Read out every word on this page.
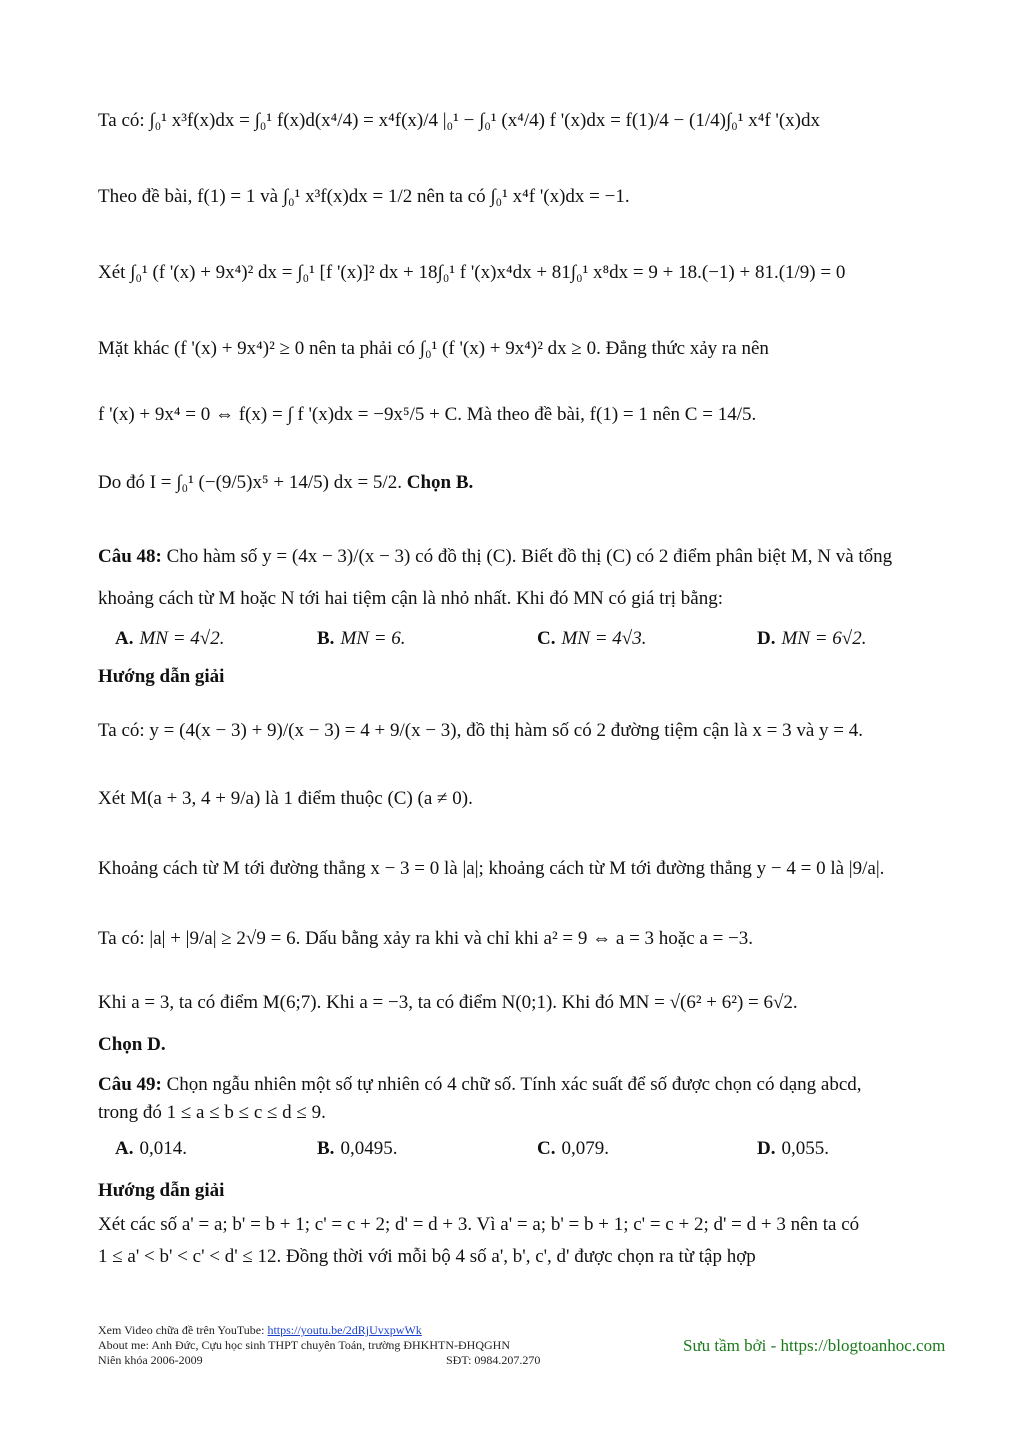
Ta có: ∫₀¹ x³f(x)dx = ∫₀¹ f(x)d(x⁴/4) = x⁴f(x)/4 |₀¹ − ∫₀¹ (x⁴/4) f '(x)dx = f(1)/4 − (1/4)∫₀¹ x⁴f '(x)dx
Theo đề bài, f(1) = 1 và ∫₀¹ x³f(x)dx = 1/2 nên ta có ∫₀¹ x⁴f '(x)dx = −1.
Xét ∫₀¹ (f '(x) + 9x⁴)² dx = ∫₀¹ [f '(x)]² dx + 18∫₀¹ f '(x)x⁴dx + 81∫₀¹ x⁸dx = 9 + 18.(−1) + 81.(1/9) = 0
Mặt khác (f '(x) + 9x⁴)² ≥ 0 nên ta phải có ∫₀¹ (f '(x) + 9x⁴)² dx ≥ 0. Đẳng thức xảy ra nên
f '(x) + 9x⁴ = 0 ⇔ f(x) = ∫ f '(x)dx = −9x⁵/5 + C. Mà theo đề bài, f(1) = 1 nên C = 14/5.
Do đó I = ∫₀¹ (−(9/5)x⁵ + 14/5) dx = 5/2. Chọn B.
Câu 48: Cho hàm số y = (4x − 3)/(x − 3) có đồ thị (C). Biết đồ thị (C) có 2 điểm phân biệt M, N và tổng
khoảng cách từ M hoặc N tới hai tiệm cận là nhỏ nhất. Khi đó MN có giá trị bằng:
A. MN = 4√2.	B. MN = 6.	C. MN = 4√3.	D. MN = 6√2.
Hướng dẫn giải
Ta có: y = (4(x − 3) + 9)/(x − 3) = 4 + 9/(x − 3), đồ thị hàm số có 2 đường tiệm cận là x = 3 và y = 4.
Xét M(a + 3, 4 + 9/a) là 1 điểm thuộc (C) (a ≠ 0).
Khoảng cách từ M tới đường thẳng x − 3 = 0 là |a|; khoảng cách từ M tới đường thẳng y − 4 = 0 là |9/a|.
Ta có: |a| + |9/a| ≥ 2√9 = 6. Dấu bằng xảy ra khi và chỉ khi a² = 9 ⇔ a = 3 hoặc a = −3.
Khi a = 3, ta có điểm M(6;7). Khi a = −3, ta có điểm N(0;1). Khi đó MN = √(6² + 6²) = 6√2.
Chọn D.
Câu 49: Chọn ngẫu nhiên một số tự nhiên có 4 chữ số. Tính xác suất để số được chọn có dạng abcd,
trong đó 1 ≤ a ≤ b ≤ c ≤ d ≤ 9.
A. 0,014.	B. 0,0495.	C. 0,079.	D. 0,055.
Hướng dẫn giải
Xét các số a' = a; b' = b + 1; c' = c + 2; d' = d + 3. Vì a' = a; b' = b + 1; c' = c + 2; d' = d + 3 nên ta có
1 ≤ a' < b' < c' < d' ≤ 12. Đồng thời với mỗi bộ 4 số a', b', c', d' được chọn ra từ tập hợp
Xem Video chữa đề trên YouTube: https://youtu.be/2dRjUvxpwWk
About me: Anh Đức, Cựu học sinh THPT chuyên Toán, trường ĐHKHTN-ĐHQGHN
Niên khóa 2006-2009	SĐT: 0984.207.270
Sưu tầm bởi - https://blogtoanhoc.com
